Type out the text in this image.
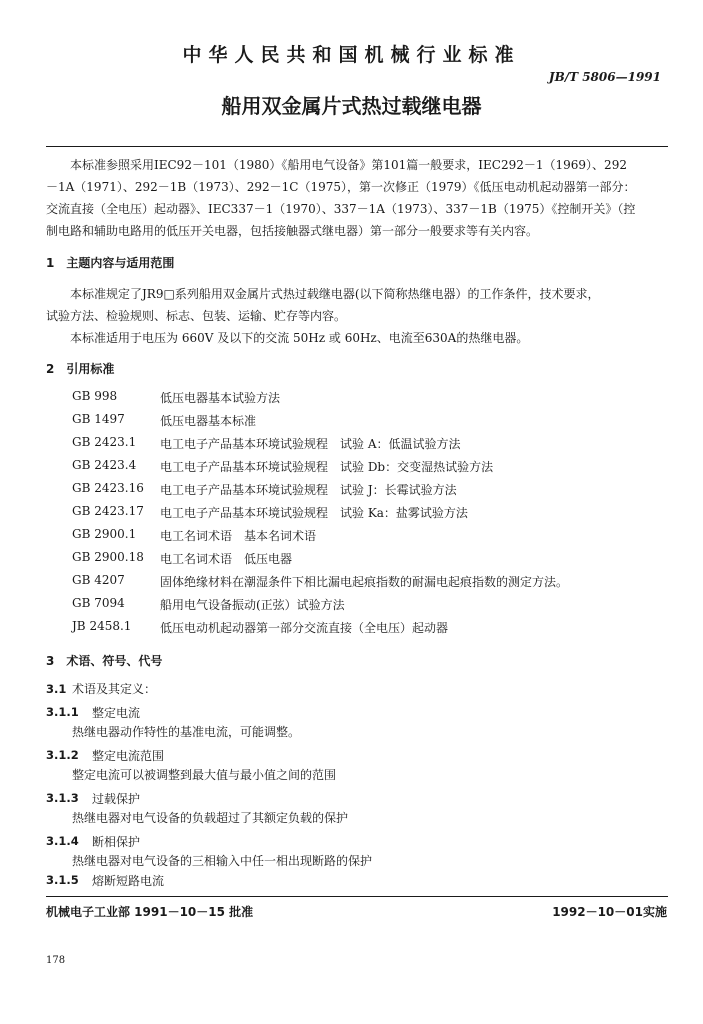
中华人民共和国机械行业标准
JB/T 5806—1991
船用双金属片式热过载继电器
本标准参照采用IEC92－101（1980）《船用电气设备》第101篇一般要求，IEC292－1（1969）、292
－1A（1971）、292－1B（1973）、292－1C（1975），第一次修正（1979）《低压电动机起动器第一部分：
交流直接（全电压）起动器》、IEC337－1（1970）、337－1A（1973）、337－1B（1975）《控制开关》（控
制电路和辅助电路用的低压开关电器，包括接触器式继电器）第一部分一般要求等有关内容。
1　主题内容与适用范围
本标准规定了JR9□系列船用双金属片式热过载继电器(以下简称热继电器）的工作条件，技术要求，
试验方法、检验规则、标志、包装、运输、贮存等内容。
本标准适用于电压为 660V 及以下的交流 50Hz 或 60Hz、电流至630A的热继电器。
2　引用标准
GB 998	低压电器基本试验方法
GB 1497	低压电器基本标准
GB 2423.1 电工电子产品基本环境试验规程　试验 A：低温试验方法
GB 2423.4 电工电子产品基本环境试验规程　试验 Db：交变湿热试验方法
GB 2423.16 电工电子产品基本环境试验规程　试验 J：长霉试验方法
GB 2423.17 电工电子产品基本环境试验规程　试验 Ka：盐雾试验方法
GB 2900.1 电工名词术语　基本名词术语
GB 2900.18 电工名词术语　低压电器
GB 4207	固体绝缘材料在潮湿条件下相比漏电起痕指数的耐漏电起痕指数的测定方法。
GB 7094	船用电气设备振动(正弦）试验方法
JB 2458.1 低压电动机起动器第一部分交流直接（全电压）起动器
3　术语、符号、代号
3.1 术语及其定义：
3.1.1 整定电流
热继电器动作特性的基准电流，可能调整。
3.1.2 整定电流范围
整定电流可以被调整到最大值与最小值之间的范围
3.1.3 过载保护
热继电器对电气设备的负载超过了其额定负载的保护
3.1.4 断相保护
热继电器对电气设备的三相输入中任一相出现断路的保护
3.1.5 熔断短路电流
机械电子工业部 1991－10－15 批准	1992－10－01实施
178
